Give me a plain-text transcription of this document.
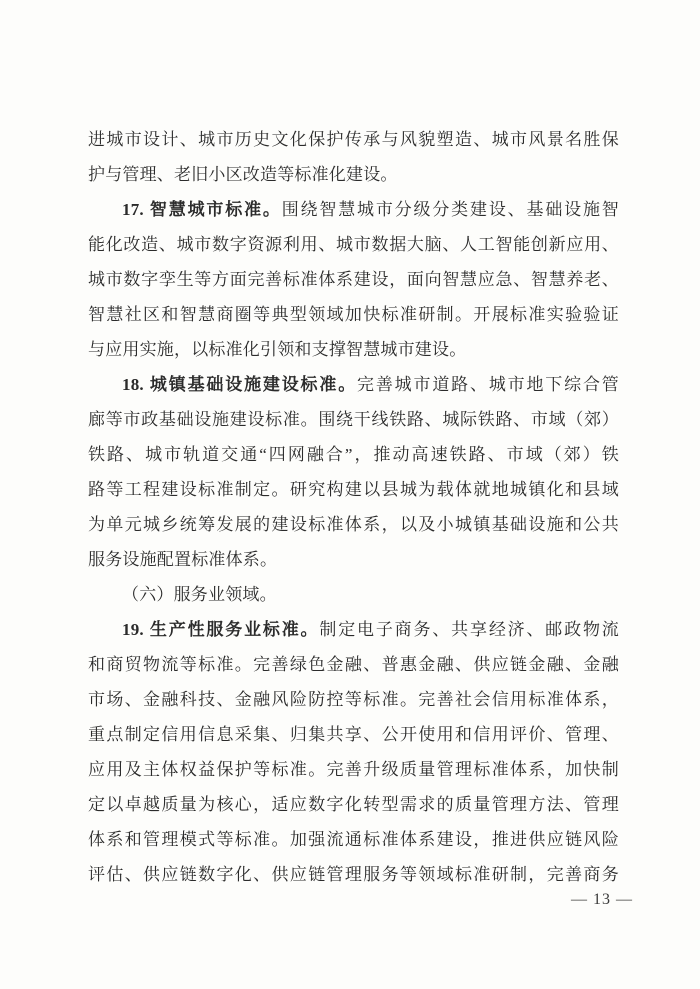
进城市设计、城市历史文化保护传承与风貌塑造、城市风景名胜保
护与管理、老旧小区改造等标准化建设。
17. 智慧城市标准。围绕智慧城市分级分类建设、基础设施智
能化改造、城市数字资源利用、城市数据大脑、人工智能创新应用、
城市数字孪生等方面完善标准体系建设，面向智慧应急、智慧养老、
智慧社区和智慧商圈等典型领域加快标准研制。开展标准实验验证
与应用实施，以标准化引领和支撑智慧城市建设。
18. 城镇基础设施建设标准。完善城市道路、城市地下综合管
廊等市政基础设施建设标准。围绕干线铁路、城际铁路、市域（郊）
铁路、城市轨道交通“四网融合”，推动高速铁路、市域（郊）铁
路等工程建设标准制定。研究构建以县城为载体就地城镇化和县域
为单元城乡统筹发展的建设标准体系，以及小城镇基础设施和公共
服务设施配置标准体系。
（六）服务业领域。
19. 生产性服务业标准。制定电子商务、共享经济、邮政物流
和商贸物流等标准。完善绿色金融、普惠金融、供应链金融、金融
市场、金融科技、金融风险防控等标准。完善社会信用标准体系，
重点制定信用信息采集、归集共享、公开使用和信用评价、管理、
应用及主体权益保护等标准。完善升级质量管理标准体系，加快制
定以卓越质量为核心，适应数字化转型需求的质量管理方法、管理
体系和管理模式等标准。加强流通标准体系建设，推进供应链风险
评估、供应链数字化、供应链管理服务等领域标准研制，完善商务
— 13 —
